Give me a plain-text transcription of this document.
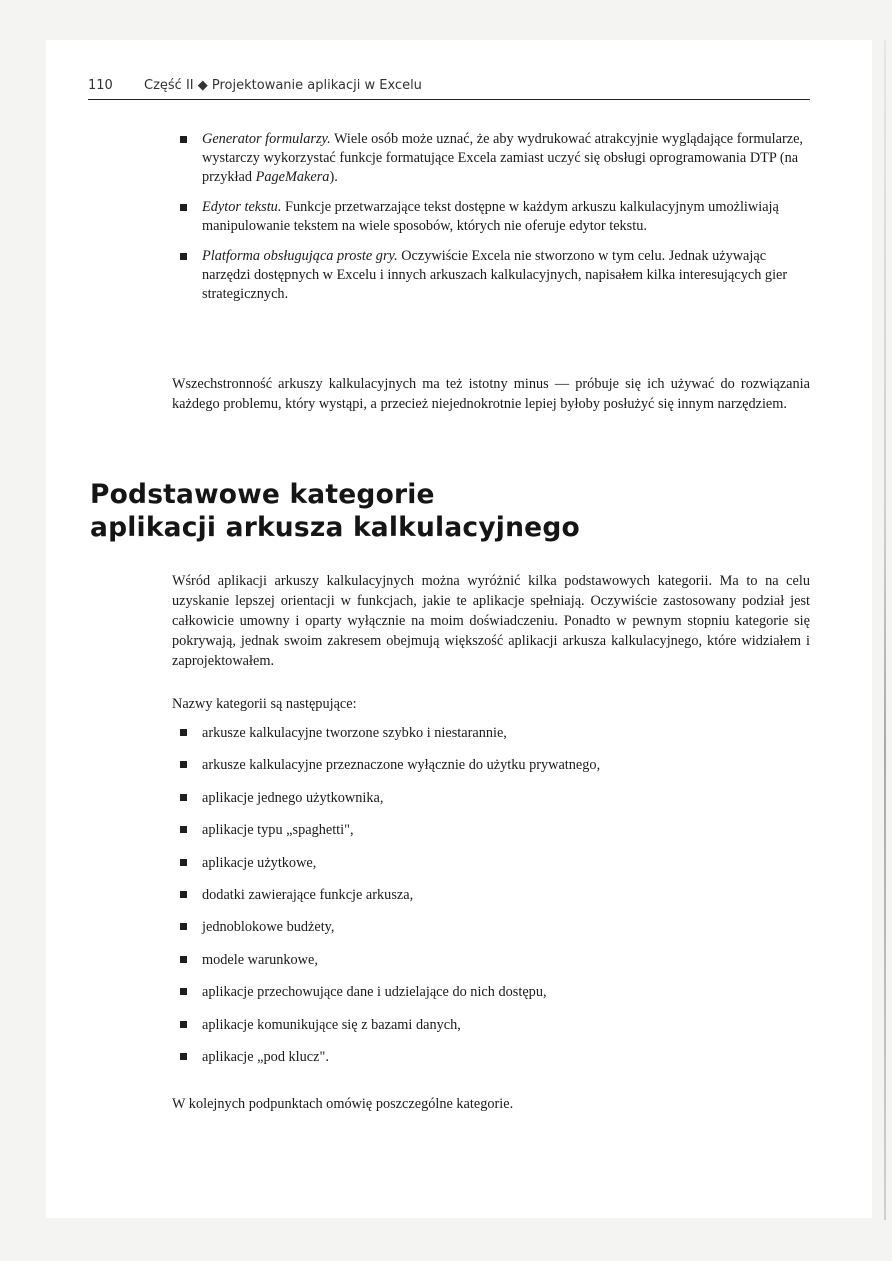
110 Część II ◆ Projektowanie aplikacji w Excelu
Generator formularzy. Wiele osób może uznać, że aby wydrukować atrakcyjnie wyglądające formularze, wystarczy wykorzystać funkcje formatujące Excela zamiast uczyć się obsługi oprogramowania DTP (na przykład PageMakera).
Edytor tekstu. Funkcje przetwarzające tekst dostępne w każdym arkuszu kalkulacyjnym umożliwiają manipulowanie tekstem na wiele sposobów, których nie oferuje edytor tekstu.
Platforma obsługująca proste gry. Oczywiście Excela nie stworzono w tym celu. Jednak używając narzędzi dostępnych w Excelu i innych arkuszach kalkulacyjnych, napisałem kilka interesujących gier strategicznych.

Wszechstronność arkuszy kalkulacyjnych ma też istotny minus — próbuje się ich używać do rozwiązania każdego problemu, który wystąpi, a przecież niejednokrotnie lepiej byłoby posłużyć się innym narzędziem.

Podstawowe kategorie
aplikacji arkusza kalkulacyjnego

Wśród aplikacji arkuszy kalkulacyjnych można wyróżnić kilka podstawowych kategorii. Ma to na celu uzyskanie lepszej orientacji w funkcjach, jakie te aplikacje spełniają. Oczywiście zastosowany podział jest całkowicie umowny i oparty wyłącznie na moim doświadczeniu. Ponadto w pewnym stopniu kategorie się pokrywają, jednak swoim zakresem obejmują większość aplikacji arkusza kalkulacyjnego, które widziałem i zaprojektowałem.

Nazwy kategorii są następujące:

arkusze kalkulacyjne tworzone szybko i niestarannie,
arkusze kalkulacyjne przeznaczone wyłącznie do użytku prywatnego,
aplikacje jednego użytkownika,
aplikacje typu „spaghetti",
aplikacje użytkowe,
dodatki zawierające funkcje arkusza,
jednoblokowe budżety,
modele warunkowe,
aplikacje przechowujące dane i udzielające do nich dostępu,
aplikacje komunikujące się z bazami danych,
aplikacje „pod klucz".

W kolejnych podpunktach omówię poszczególne kategorie.
